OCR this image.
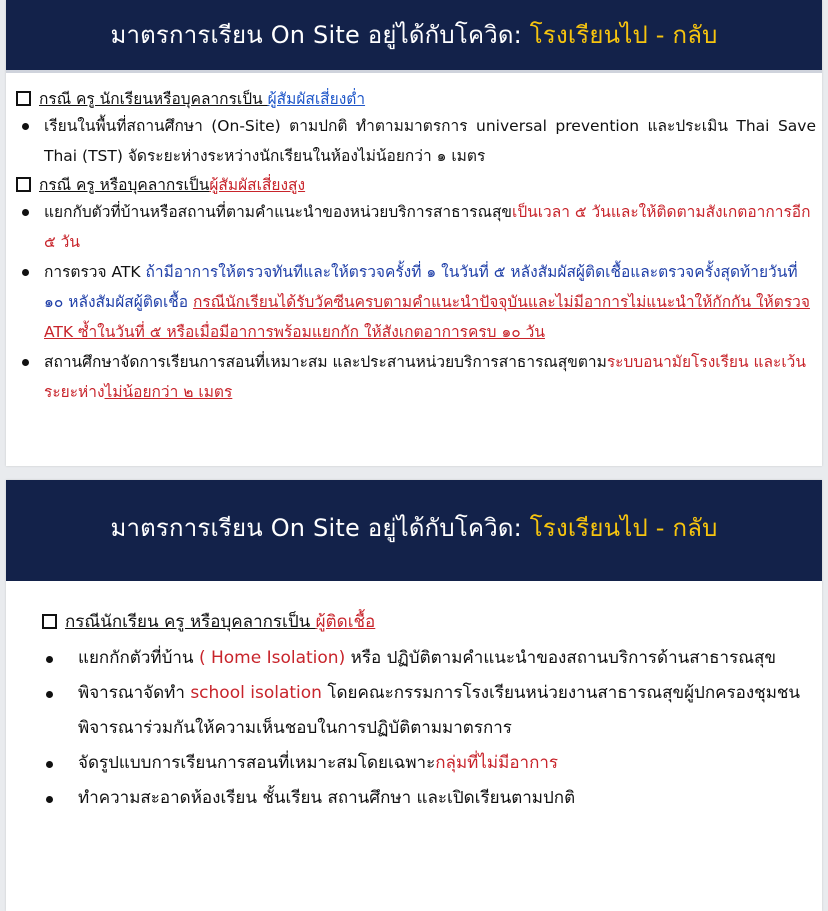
มาตรการเรียน On Site อยู่ได้กับโควิด: โรงเรียนไป - กลับ
กรณี ครู นักเรียนหรือบุคลากรเป็น ผู้สัมผัสเสี่ยงต่ำ
เรียนในพื้นที่สถานศึกษา (On-Site) ตามปกติ ทำตามมาตรการ universal prevention และประเมิน Thai Save Thai (TST) จัดระยะห่างระหว่างนักเรียนในห้องไม่น้อยกว่า ๑ เมตร
กรณี ครู หรือบุคลากรเป็นผู้สัมผัสเสี่ยงสูง
แยกกับตัวที่บ้านหรือสถานที่ตามคำแนะนำของหน่วยบริการสาธารณสุขเป็นเวลา ๕ วันและให้ติดตามสังเกตอาการอีก ๕ วัน
การตรวจ ATK ถ้ามีอาการให้ตรวจทันทีและให้ตรวจครั้งที่ ๑ ในวันที่ ๕ หลังสัมผัสผู้ติดเชื้อและตรวจครั้งสุดท้ายวันที่ ๑๐ หลังสัมผัสผู้ติดเชื้อ กรณีนักเรียนได้รับวัคซีนครบตามคำแนะนำปัจจุบันและไม่มีอาการไม่แนะนำให้กักกัน ให้ตรวจ ATK ซ้ำในวันที่ ๕ หรือเมื่อมีอาการพร้อมแยกกัก ให้สังเกตอาการครบ ๑๐ วัน
สถานศึกษาจัดการเรียนการสอนที่เหมาะสม และประสานหน่วยบริการสาธารณสุขตามระบบอนามัยโรงเรียน และเว้นระยะห่างไม่น้อยกว่า ๒ เมตร
มาตรการเรียน On Site อยู่ได้กับโควิด: โรงเรียนไป - กลับ
กรณีนักเรียน ครู หรือบุคลากรเป็น ผู้ติดเชื้อ
แยกกักตัวที่บ้าน ( Home Isolation) หรือ ปฏิบัติตามคำแนะนำของสถานบริการด้านสาธารณสุข
พิจารณาจัดทำ school isolation โดยคณะกรรมการโรงเรียนหน่วยงานสาธารณสุขผู้ปกครองชุมชนพิจารณาร่วมกันให้ความเห็นชอบในการปฏิบัติตามมาตรการ
จัดรูปแบบการเรียนการสอนที่เหมาะสมโดยเฉพาะกลุ่มที่ไม่มีอาการ
ทำความสะอาดห้องเรียน ชั้นเรียน สถานศึกษา และเปิดเรียนตามปกติ
